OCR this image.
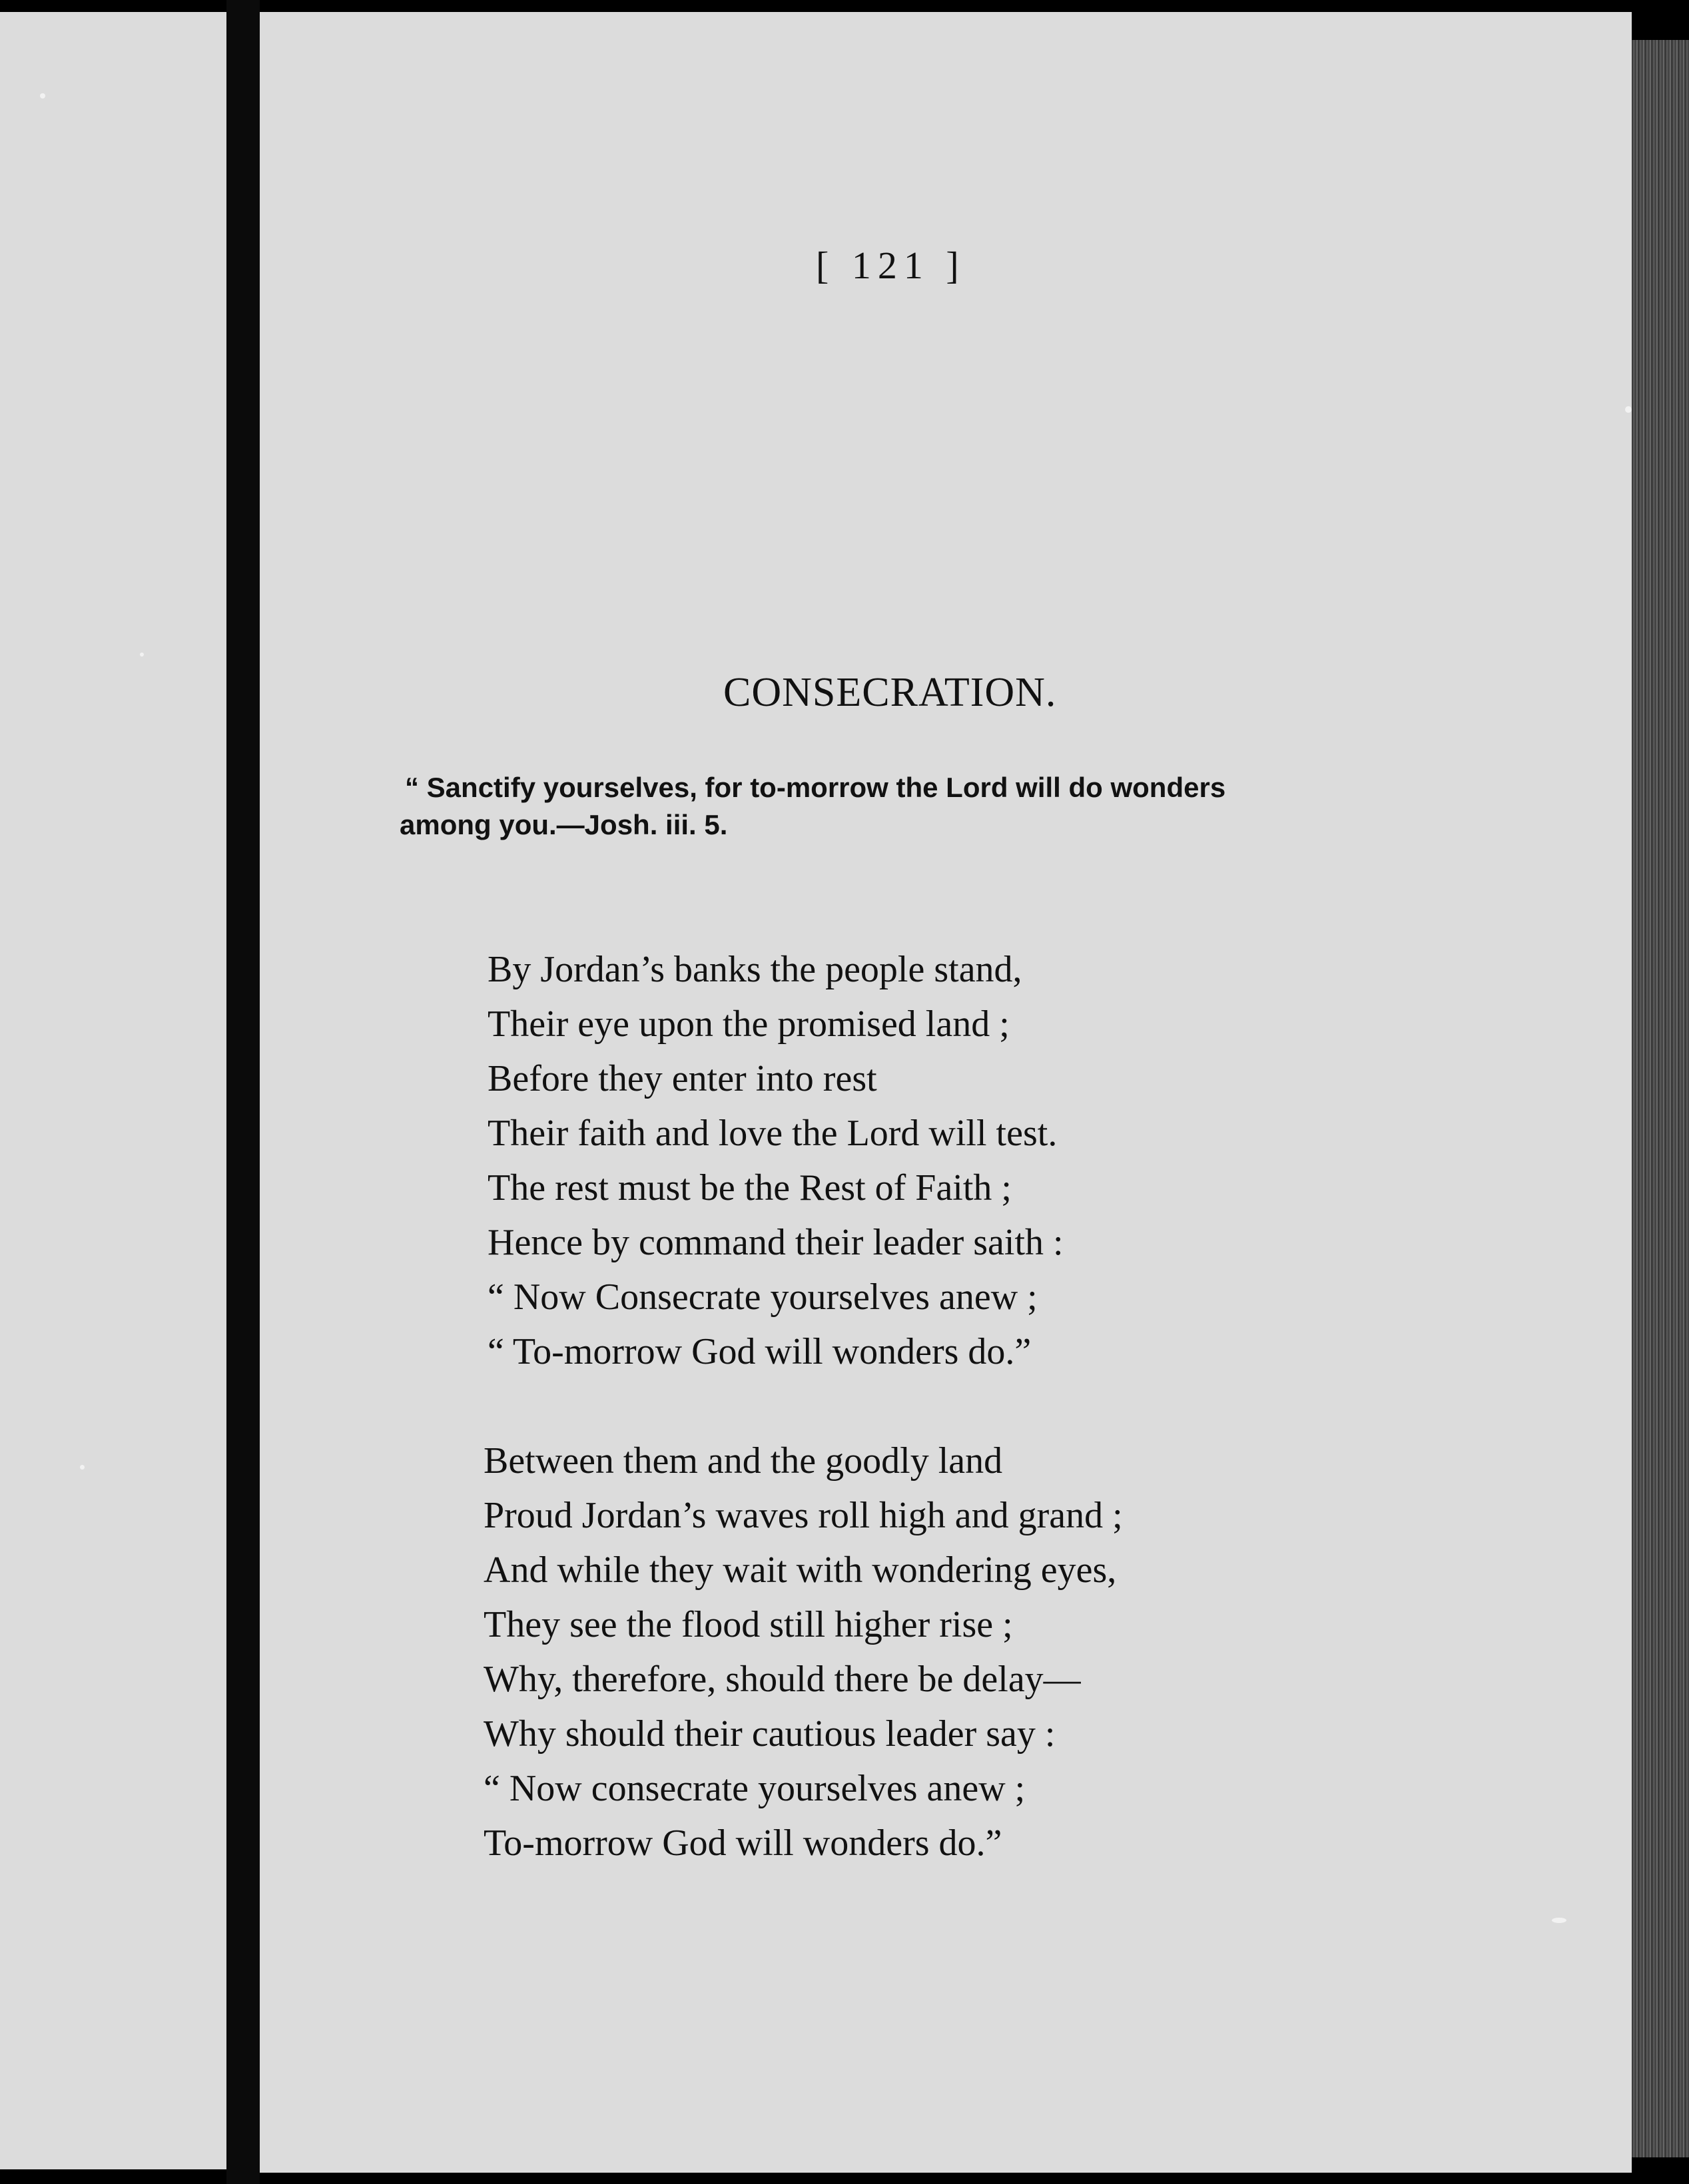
[ 121 ]
CONSECRATION.
“ Sanctify yourselves, for to-morrow the Lord will do wonders
among you.—Josh. iii. 5.
By Jordan’s banks the people stand,
Their eye upon the promised land ;
Before they enter into rest
Their faith and love the Lord will test.
The rest must be the Rest of Faith ;
Hence by command their leader saith :
“ Now Consecrate yourselves anew ;
“ To-morrow God will wonders do.”
Between them and the goodly land
Proud Jordan’s waves roll high and grand ;
And while they wait with wondering eyes,
They see the flood still higher rise ;
Why, therefore, should there be delay—
Why should their cautious leader say :
“ Now consecrate yourselves anew ;
To-morrow God will wonders do.”
